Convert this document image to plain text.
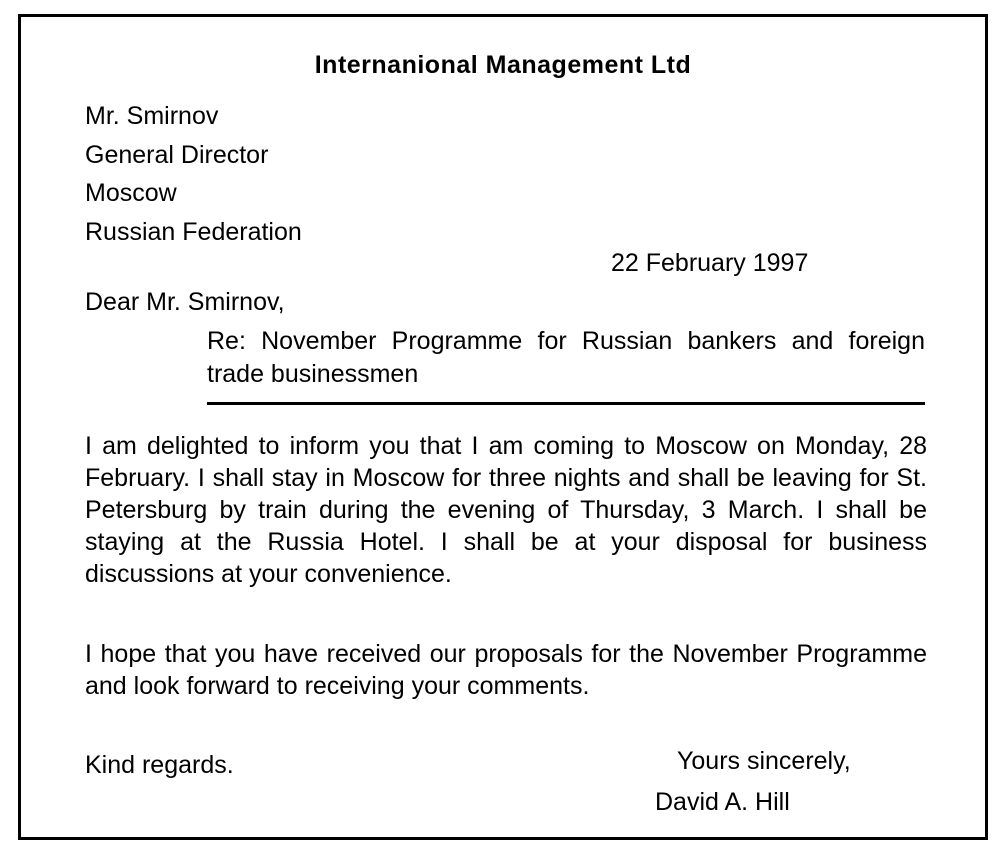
Internanional Management Ltd
Mr. Smirnov
General Director
Moscow
Russian Federation
22 February 1997
Dear Mr. Smirnov,
Re: November Programme for Russian bankers and foreign trade businessmen
I am delighted to inform you that I am coming to Moscow on Monday, 28 February. I shall stay in Moscow for three nights and shall be leaving for St. Petersburg by train during the evening of Thursday, 3 March. I shall be staying at the Russia Hotel. I shall be at your disposal for business discussions at your convenience.
I hope that you have received our proposals for the November Programme and look forward to receiving your comments.
Kind regards.	Yours sincerely,
David A. Hill
